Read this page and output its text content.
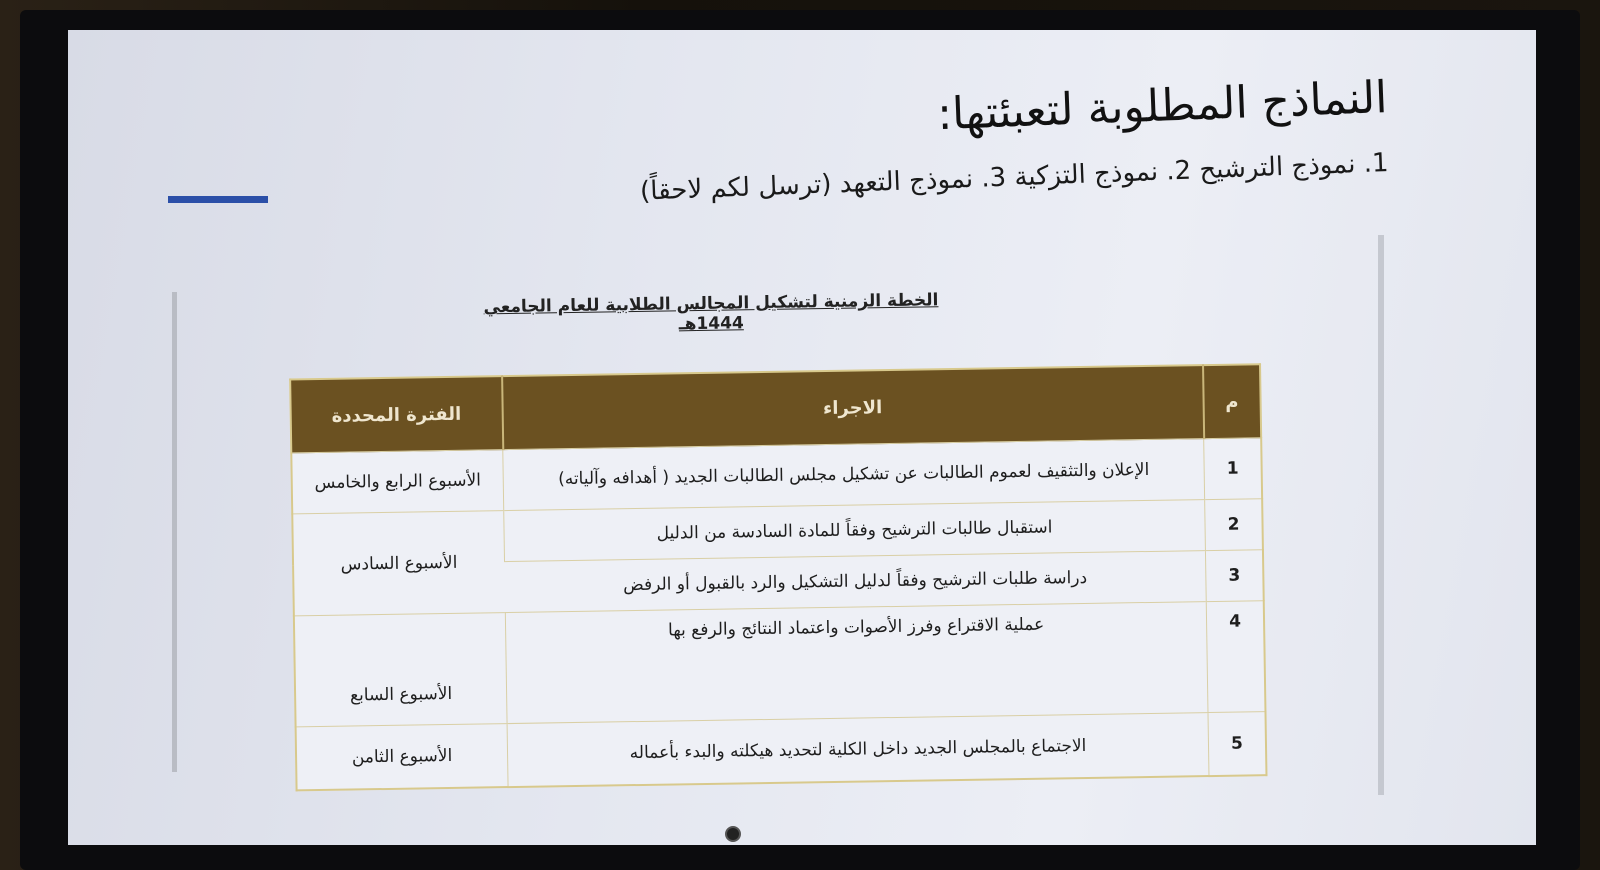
النماذج المطلوبة لتعبئتها:
1. نموذج الترشيح 2. نموذج التزكية 3. نموذج التعهد (ترسل لكم لاحقاً)
الخطة الزمنية لتشكيل المجالس الطلابية للعام الجامعي 1444هـ
م	الاجراء	الفترة المحددة
1	الإعلان والتثقيف لعموم الطالبات عن تشكيل مجلس الطالبات الجديد ( أهدافه وآلياته)	الأسبوع الرابع والخامس
2	استقبال طالبات الترشيح وفقاً للمادة السادسة من الدليل	الأسبوع السادس
3	دراسة طلبات الترشيح وفقاً لدليل التشكيل والرد بالقبول أو الرفض	
4	عملية الاقتراع وفرز الأصوات واعتماد النتائج والرفع بها	الأسبوع السابع
5	الاجتماع بالمجلس الجديد داخل الكلية لتحديد هيكلته والبدء بأعماله	الأسبوع الثامن
